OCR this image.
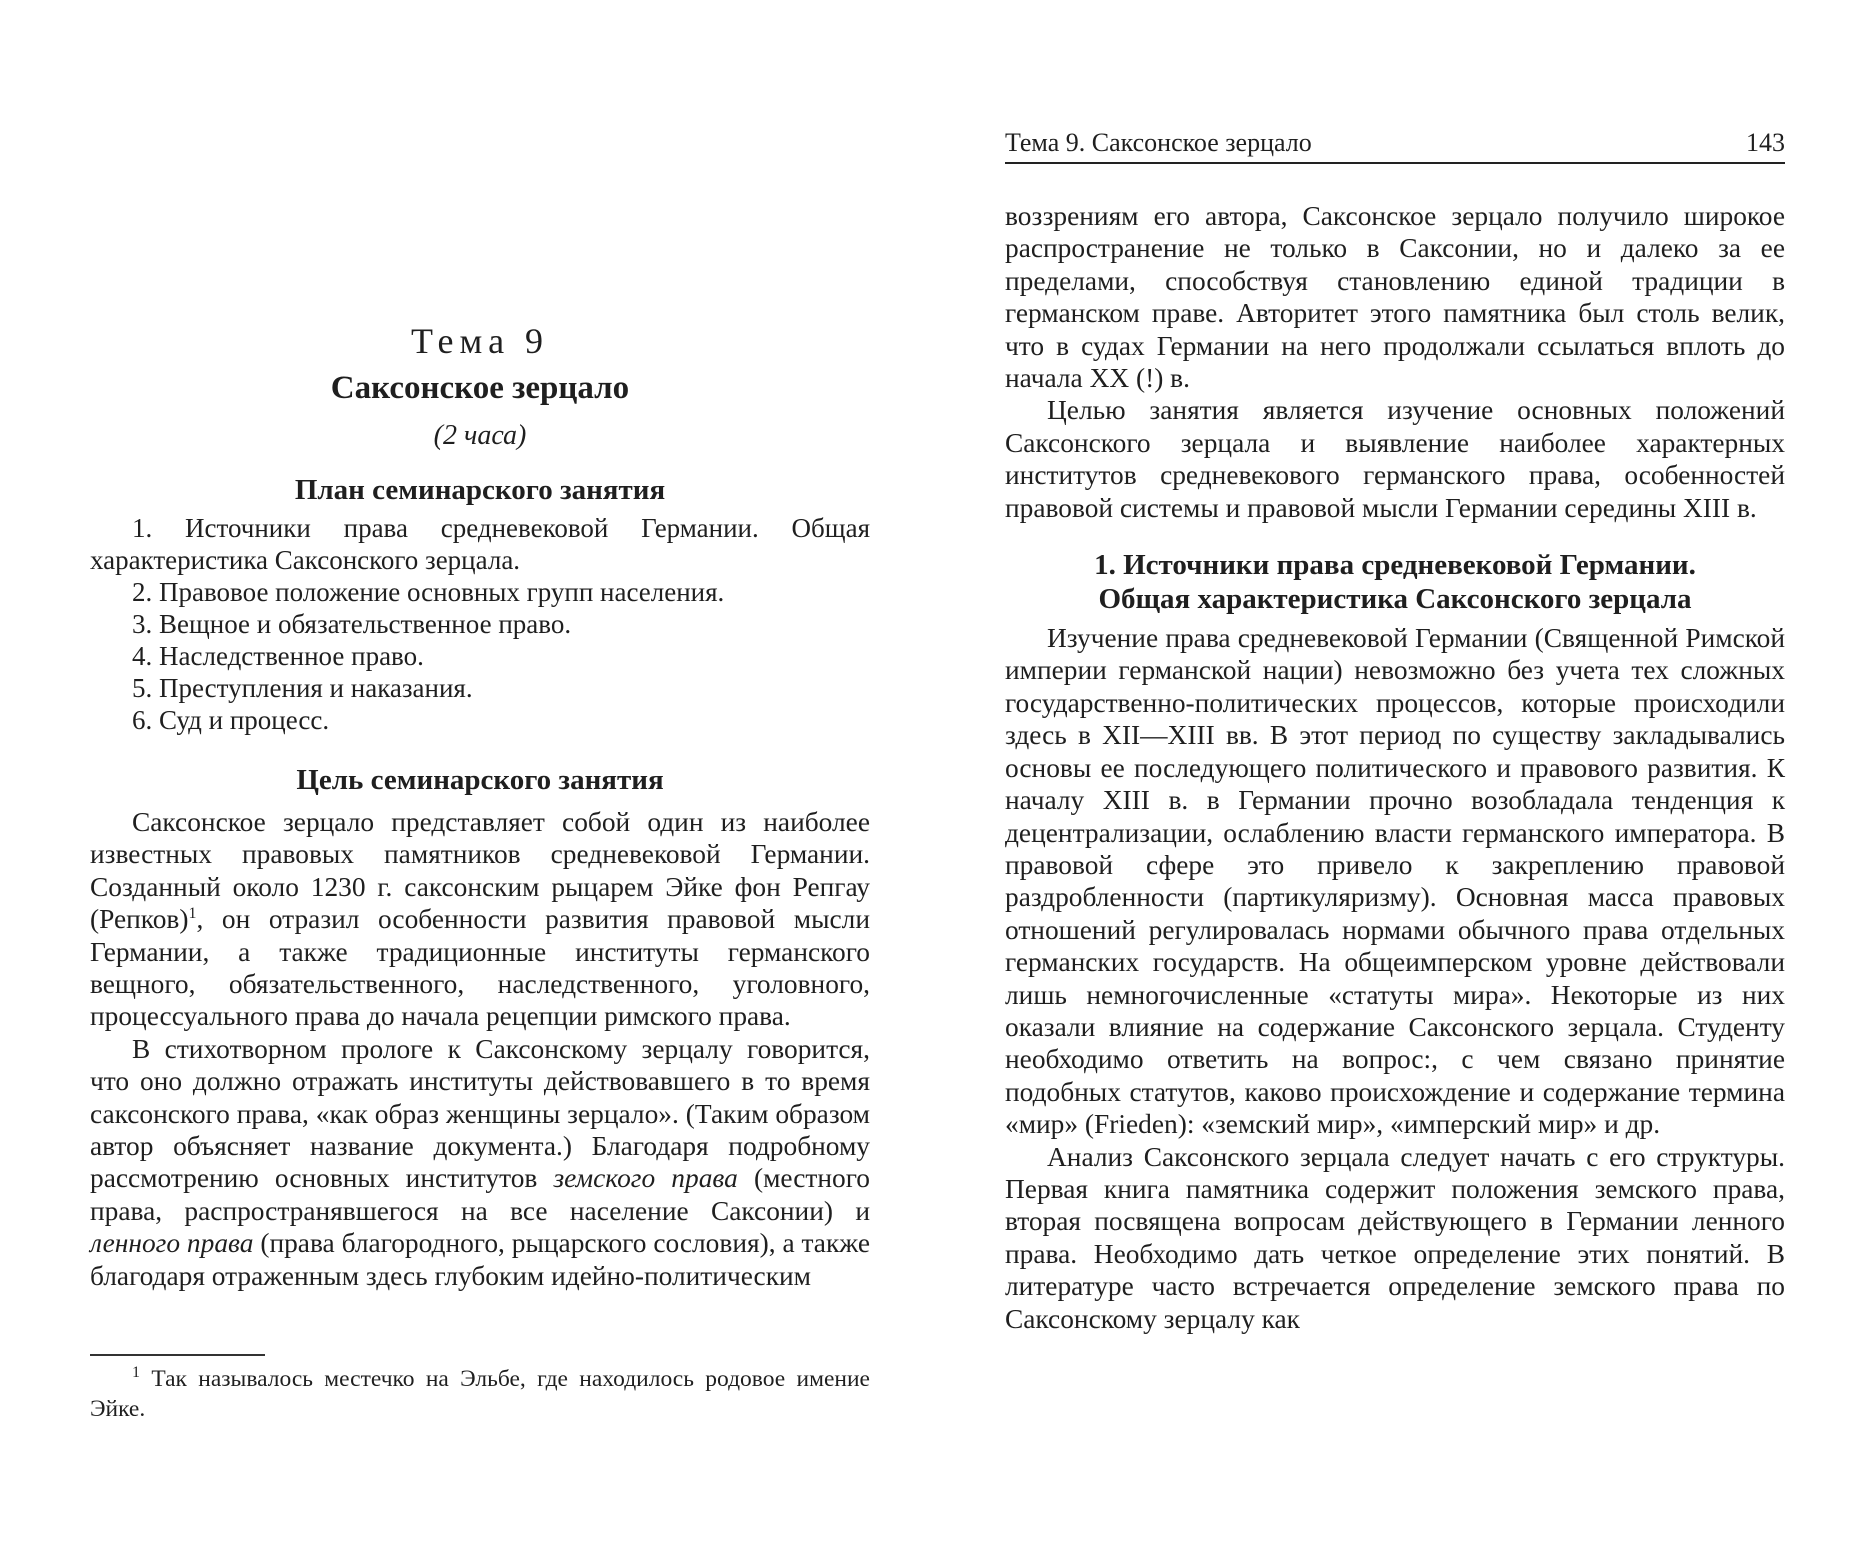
Тема 9
Саксонское зерцало
(2 часа)
План семинарского занятия
1. Источники права средневековой Германии. Общая характеристика Саксонского зерцала.
2. Правовое положение основных групп населения.
3. Вещное и обязательственное право.
4. Наследственное право.
5. Преступления и наказания.
6. Суд и процесс.
Цель семинарского занятия

Саксонское зерцало представляет собой один из наиболее известных правовых памятников средневековой Германии. Созданный около 1230 г. саксонским рыцарем Эйке фон Репгау (Репков)$^1$, он отразил особенности развития правовой мысли Германии, а также традиционные институты германского вещного, обязательственного, наследственного, уголовного, процессуального права до начала рецепции римского права.

В стихотворном прологе к Саксонскому зерцалу говорится, что оно должно отражать институты действовавшего в то время саксонского права, «как образ женщины зерцало». (Таким образом автор объясняет название документа.) Благодаря подробному рассмотрению основных институтов земского права (местного права, распространявшегося на все население Саксонии) и ленного права (права благородного, рыцарского сословия), а также благодаря отраженным здесь глубоким идейно-политическим

$^1$ Так называлось местечко на Эльбе, где находилось родовое имение Эйке.

Тема 9. Саксонское зерцало	143

воззрениям его автора, Саксонское зерцало получило широкое распространение не только в Саксонии, но и далеко за ее пределами, способствуя становлению единой традиции в германском праве. Авторитет этого памятника был столь велик, что в судах Германии на него продолжали ссылаться вплоть до начала XX (!) в.

Целью занятия является изучение основных положений Саксонского зерцала и выявление наиболее характерных институтов средневекового германского права, особенностей правовой системы и правовой мысли Германии середины XIII в.

1. Источники права средневековой Германии.
Общая характеристика Саксонского зерцала

Изучение права средневековой Германии (Священной Римской империи германской нации) невозможно без учета тех сложных государственно-политических процессов, которые происходили здесь в XII—XIII вв. В этот период по существу закладывались основы ее последующего политического и правового развития. К началу XIII в. в Германии прочно возобладала тенденция к децентрализации, ослаблению власти германского императора. В правовой сфере это привело к закреплению правовой раздробленности (партикуляризму). Основная масса правовых отношений регулировалась нормами обычного права отдельных германских государств. На общеимперском уровне действовали лишь немногочисленные «статуты мира». Некоторые из них оказали влияние на содержание Саксонского зерцала. Студенту необходимо ответить на вопрос:, с чем связано принятие подобных статутов, каково происхождение и содержание термина «мир» (Frieden): «земский мир», «имперский мир» и др.

Анализ Саксонского зерцала следует начать с его структуры. Первая книга памятника содержит положения земского права, вторая посвящена вопросам действующего в Германии ленного права. Необходимо дать четкое определение этих понятий. В литературе часто встречается определение земского права по Саксонскому зерцалу как
